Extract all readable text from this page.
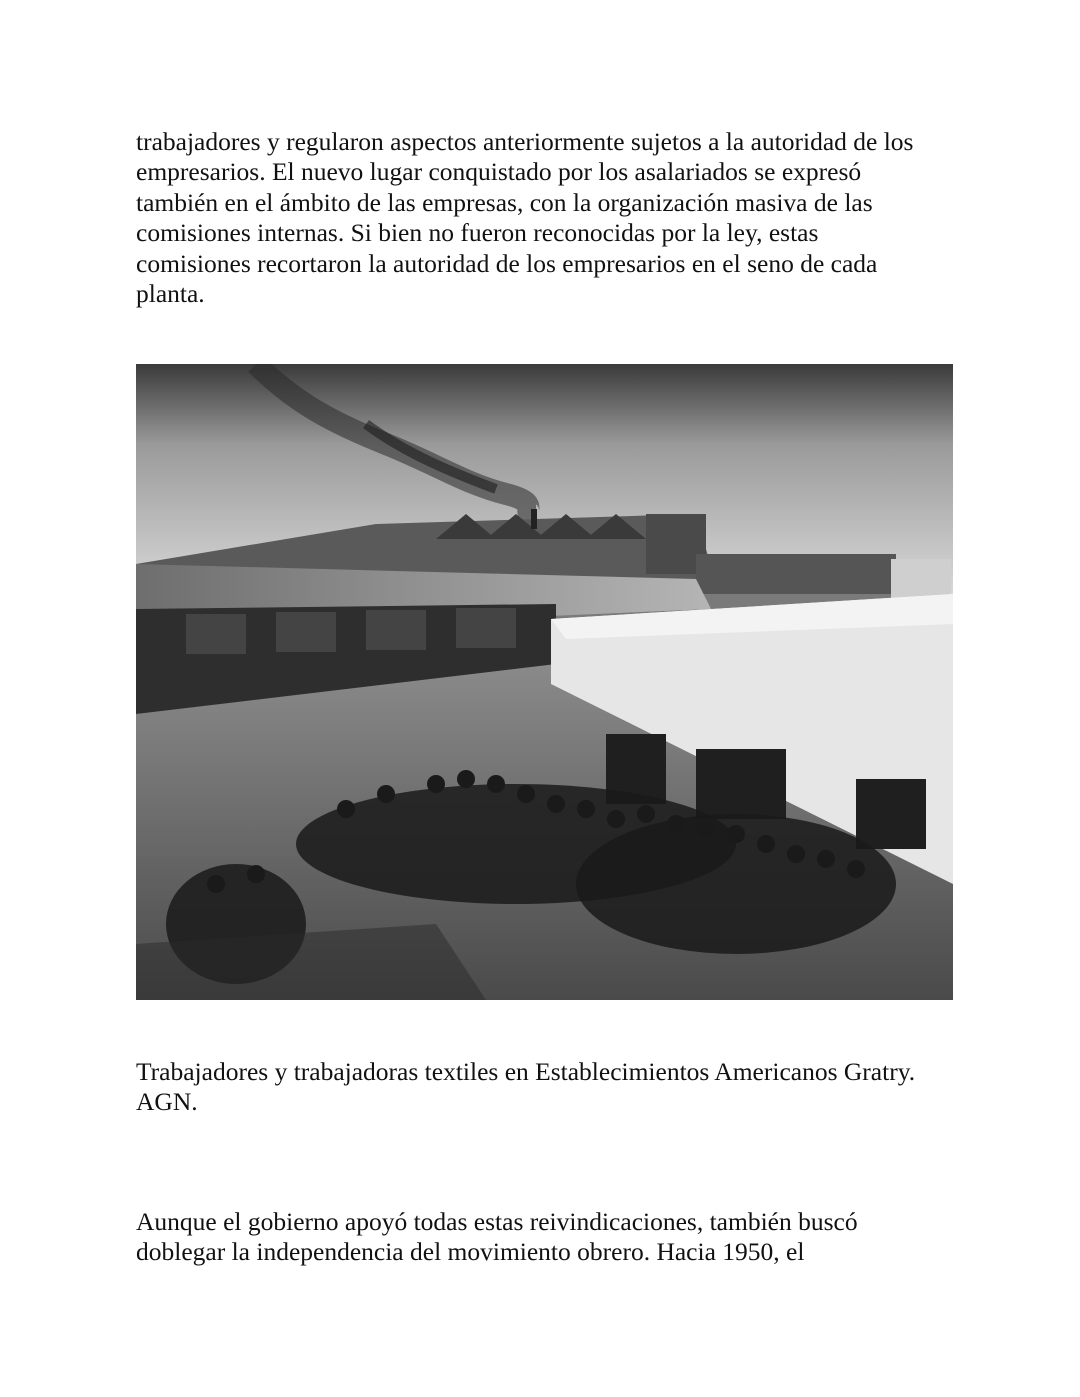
trabajadores y regularon aspectos anteriormente sujetos a la autoridad de los
empresarios. El nuevo lugar conquistado por los asalariados se expresó
también en el ámbito de las empresas, con la organización masiva de las
comisiones internas. Si bien no fueron reconocidas por la ley, estas
comisiones recortaron la autoridad de los empresarios en el seno de cada
planta.
Trabajadores y trabajadoras textiles en Establecimientos Americanos Gratry.
AGN.
Aunque el gobierno apoyó todas estas reivindicaciones, también buscó
doblegar la independencia del movimiento obrero. Hacia 1950, el
